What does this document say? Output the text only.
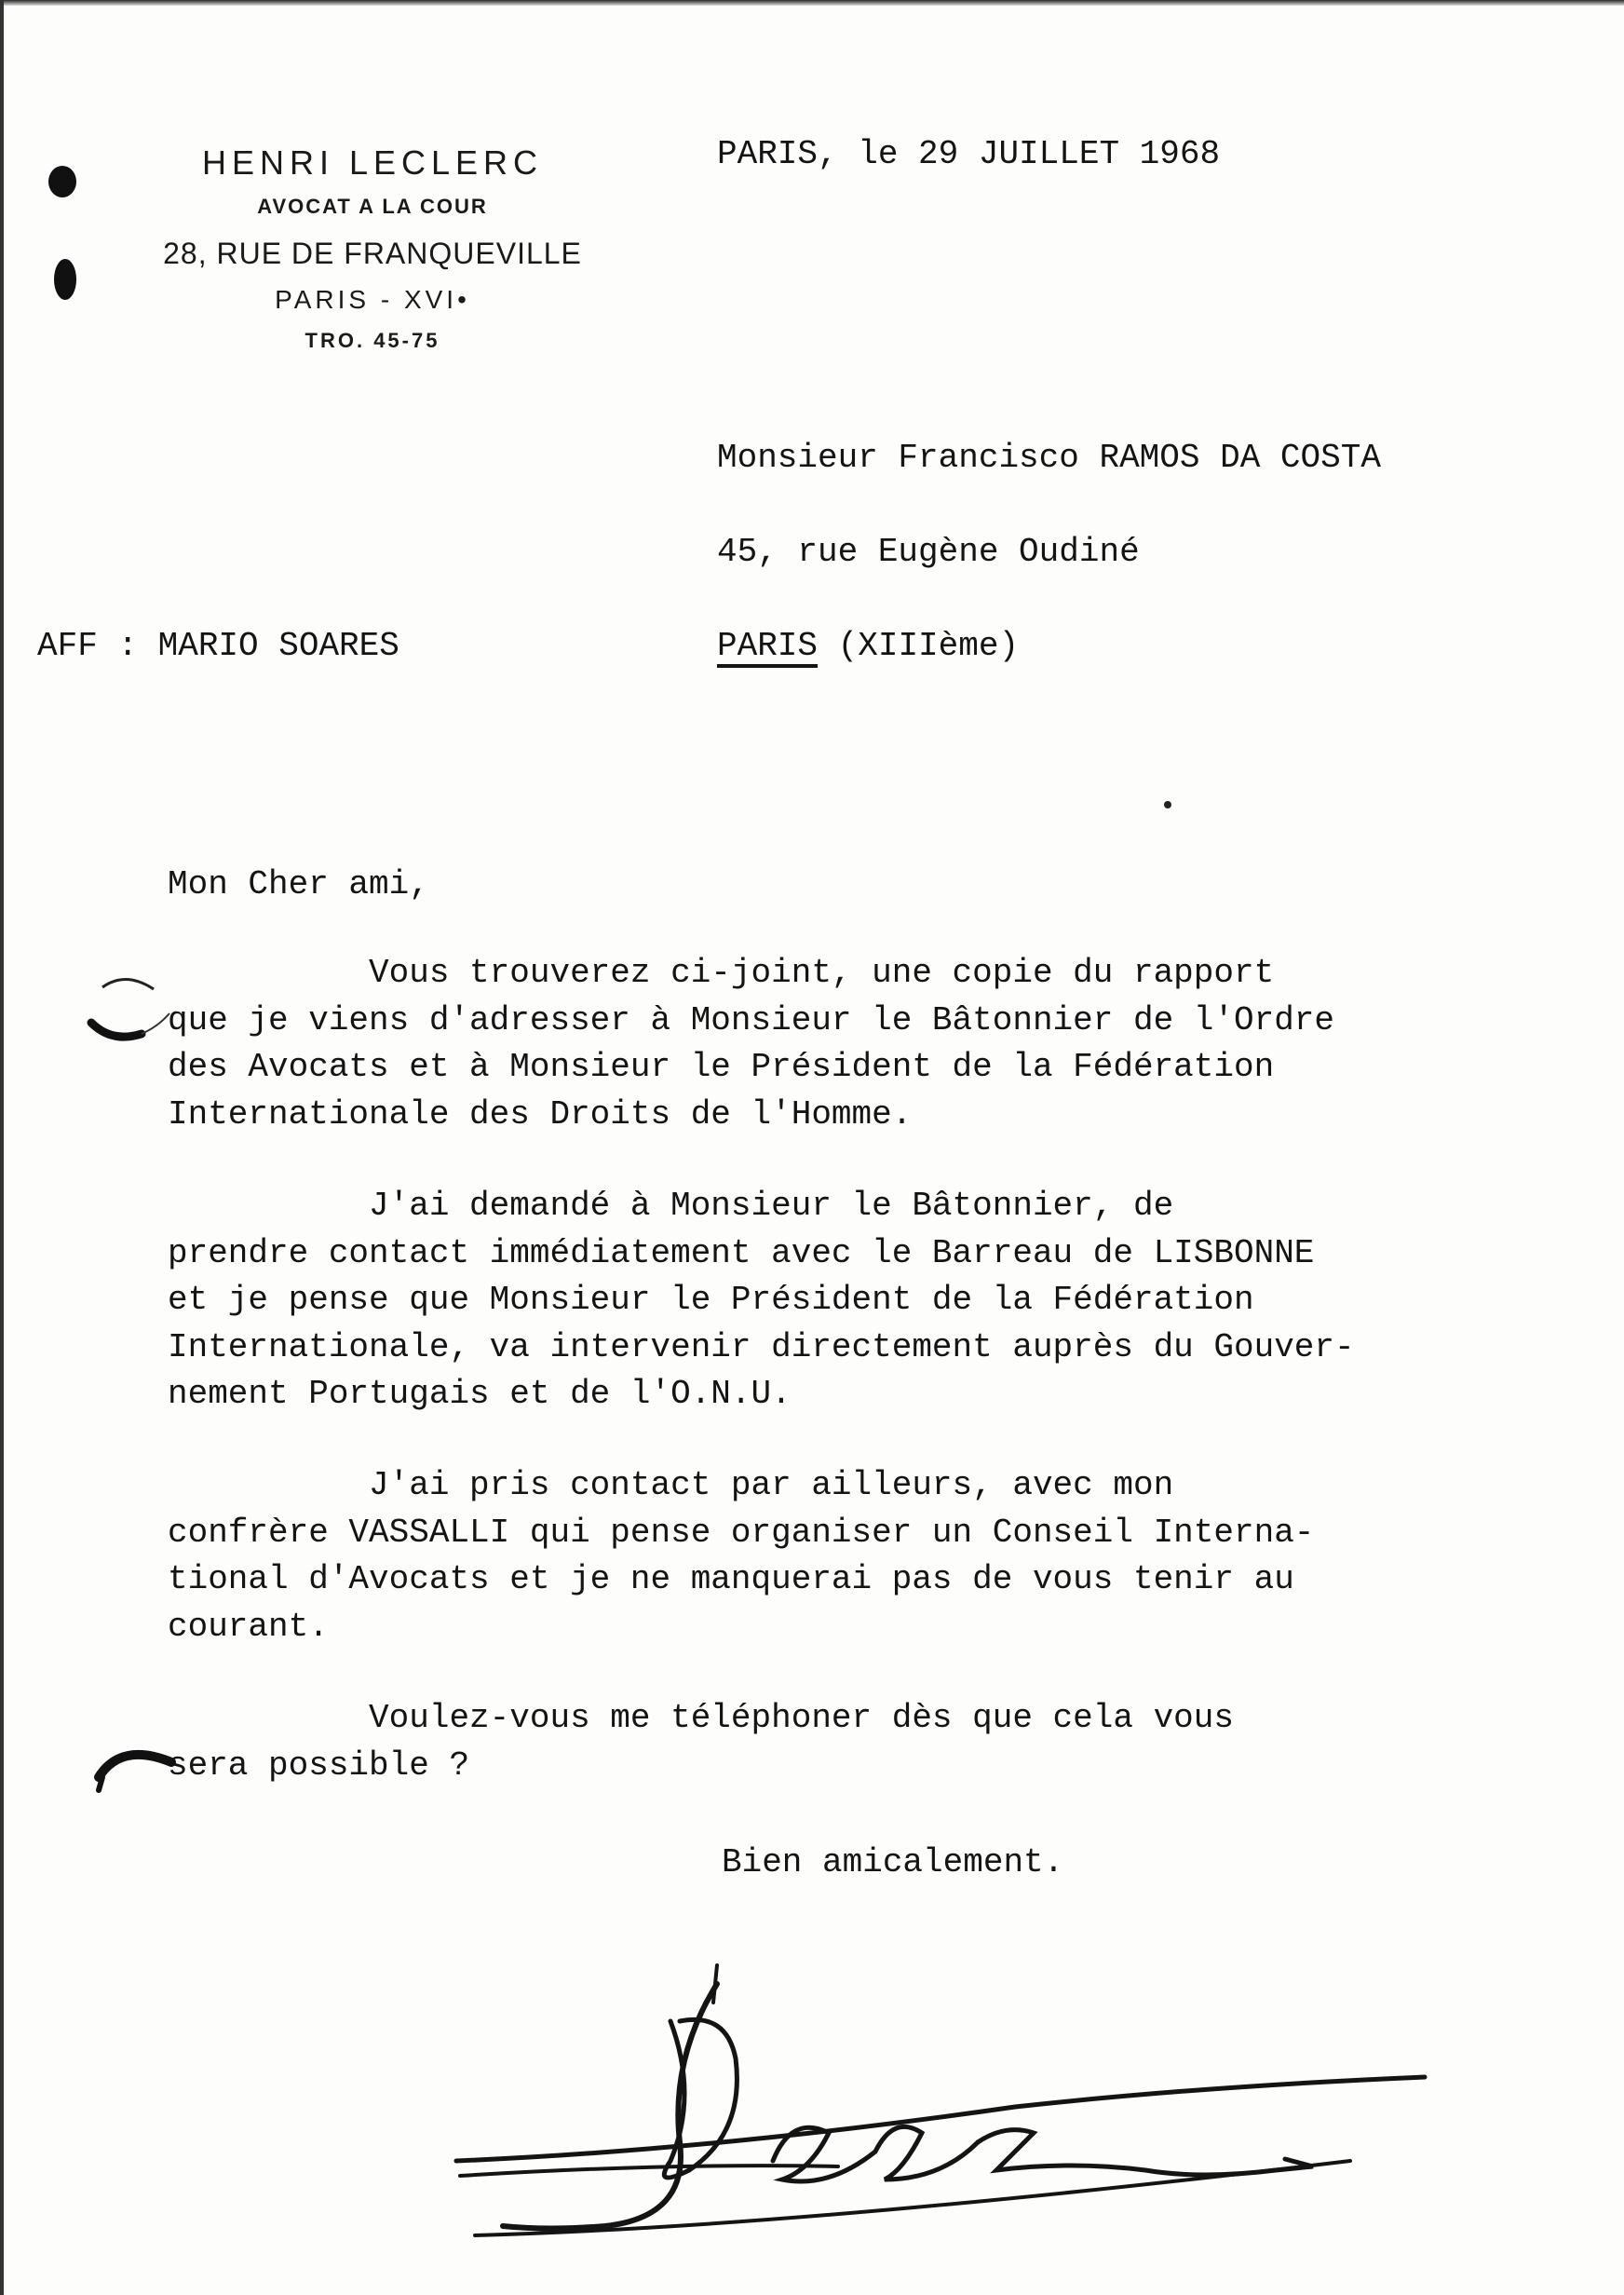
HENRI LECLERC
AVOCAT A LA COUR
28, RUE DE FRANQUEVILLE
PARIS - XVI•
TRO. 45-75
PARIS, le 29 JUILLET 1968
Monsieur Francisco RAMOS DA COSTA
45, rue Eugène Oudiné
PARIS (XIIIème)
AFF : MARIO SOARES
Mon Cher ami,
Vous trouverez ci-joint, une copie du rapport
que je viens d'adresser à Monsieur le Bâtonnier de l'Ordre
des Avocats et à Monsieur le Président de la Fédération
Internationale des Droits de l'Homme.
J'ai demandé à Monsieur le Bâtonnier, de
prendre contact immédiatement avec le Barreau de LISBONNE
et je pense que Monsieur le Président de la Fédération
Internationale, va intervenir directement auprès du Gouver-
nement Portugais et de l'O.N.U.
J'ai pris contact par ailleurs, avec mon
confrère VASSALLI qui pense organiser un Conseil Interna-
tional d'Avocats et je ne manquerai pas de vous tenir au
courant.
Voulez-vous me téléphoner dès que cela vous
sera possible ?
Bien amicalement.
